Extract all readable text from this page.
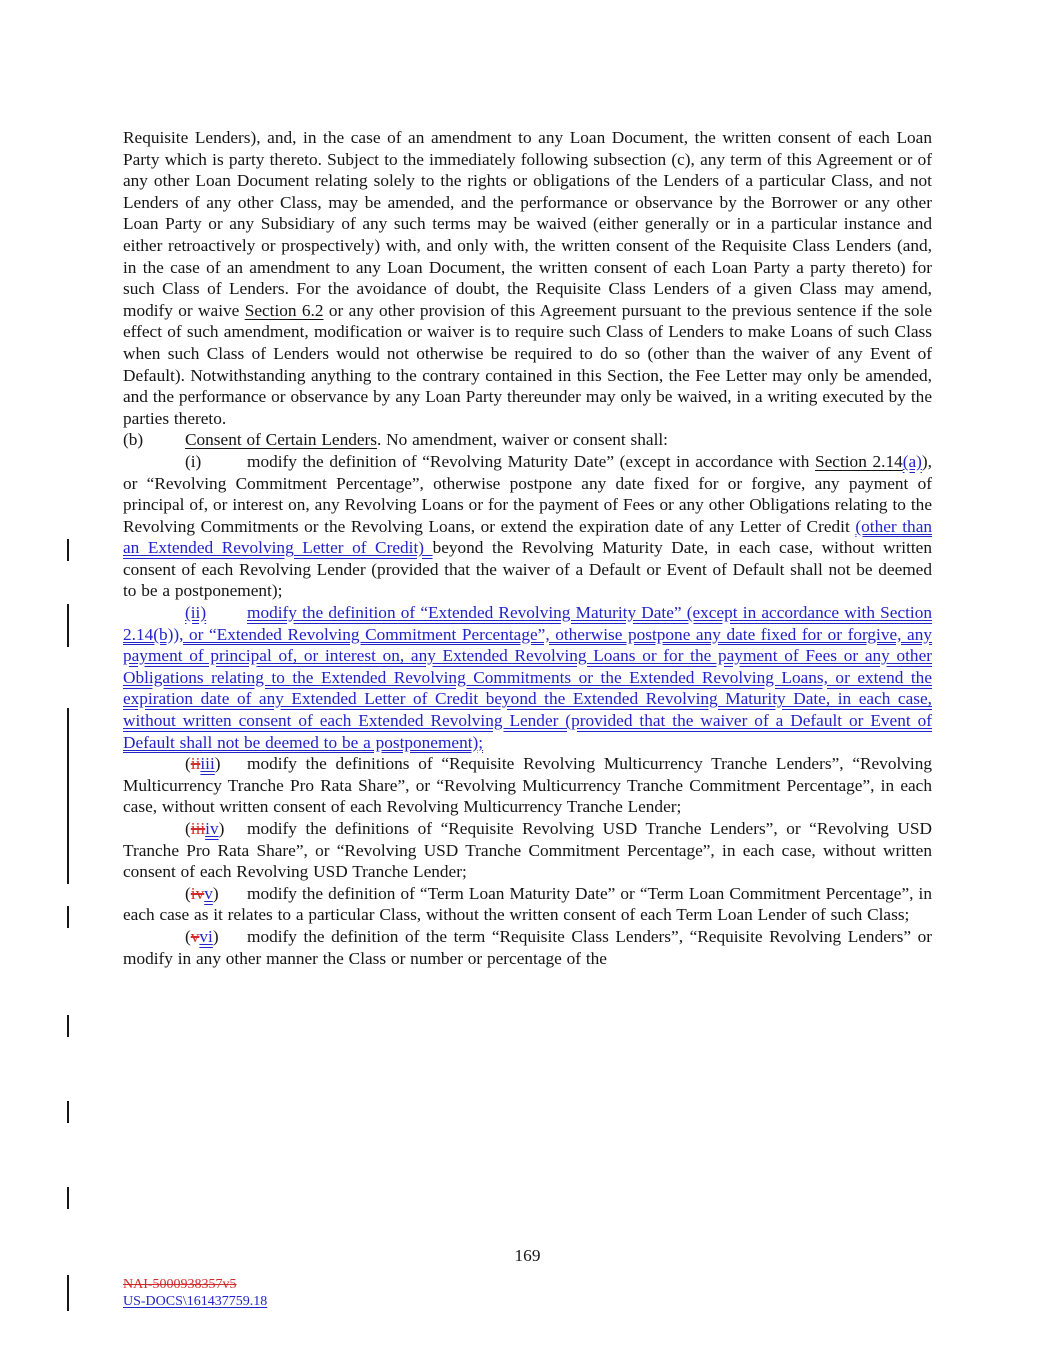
Requisite Lenders), and, in the case of an amendment to any Loan Document, the written consent of each Loan Party which is party thereto. Subject to the immediately following subsection (c), any term of this Agreement or of any other Loan Document relating solely to the rights or obligations of the Lenders of a particular Class, and not Lenders of any other Class, may be amended, and the performance or observance by the Borrower or any other Loan Party or any Subsidiary of any such terms may be waived (either generally or in a particular instance and either retroactively or prospectively) with, and only with, the written consent of the Requisite Class Lenders (and, in the case of an amendment to any Loan Document, the written consent of each Loan Party a party thereto) for such Class of Lenders. For the avoidance of doubt, the Requisite Class Lenders of a given Class may amend, modify or waive Section 6.2 or any other provision of this Agreement pursuant to the previous sentence if the sole effect of such amendment, modification or waiver is to require such Class of Lenders to make Loans of such Class when such Class of Lenders would not otherwise be required to do so (other than the waiver of any Event of Default). Notwithstanding anything to the contrary contained in this Section, the Fee Letter may only be amended, and the performance or observance by any Loan Party thereunder may only be waived, in a writing executed by the parties thereto.

(b) Consent of Certain Lenders. No amendment, waiver or consent shall:

(i)	modify the definition of “Revolving Maturity Date” (except in accordance with Section 2.14(a)), or “Revolving Commitment Percentage”, otherwise postpone any date fixed for or forgive, any payment of principal of, or interest on, any Revolving Loans or for the payment of Fees or any other Obligations relating to the Revolving Commitments or the Revolving Loans, or extend the expiration date of any Letter of Credit (other than an Extended Revolving Letter of Credit) beyond the Revolving Maturity Date, in each case, without written consent of each Revolving Lender (provided that the waiver of a Default or Event of Default shall not be deemed to be a postponement);

(ii) modify the definition of “Extended Revolving Maturity Date” (except in accordance with Section 2.14(b)), or “Extended Revolving Commitment Percentage”, otherwise postpone any date fixed for or forgive, any payment of principal of, or interest on, any Extended Revolving Loans or for the payment of Fees or any other Obligations relating to the Extended Revolving Commitments or the Extended Revolving Loans, or extend the expiration date of any Extended Letter of Credit beyond the Extended Revolving Maturity Date, in each case, without written consent of each Extended Revolving Lender (provided that the waiver of a Default or Event of Default shall not be deemed to be a postponement);

(iiiii) modify the definitions of “Requisite Revolving Multicurrency Tranche Lenders”, “Revolving Multicurrency Tranche Pro Rata Share”, or “Revolving Multicurrency Tranche Commitment Percentage”, in each case, without written consent of each Revolving Multicurrency Tranche Lender;

(iiiiv) modify the definitions of “Requisite Revolving USD Tranche Lenders”, or “Revolving USD Tranche Pro Rata Share”, or “Revolving USD Tranche Commitment Percentage”, in each case, without written consent of each Revolving USD Tranche Lender;

(ivv) modify the definition of “Term Loan Maturity Date” or “Term Loan Commitment Percentage”, in each case as it relates to a particular Class, without the written consent of each Term Loan Lender of such Class;

(vvi) modify the definition of the term “Requisite Class Lenders”, “Requisite Revolving Lenders” or modify in any other manner the Class or number or percentage of the

169
NAI-5000938357v5
US-DOCS\161437759.18
